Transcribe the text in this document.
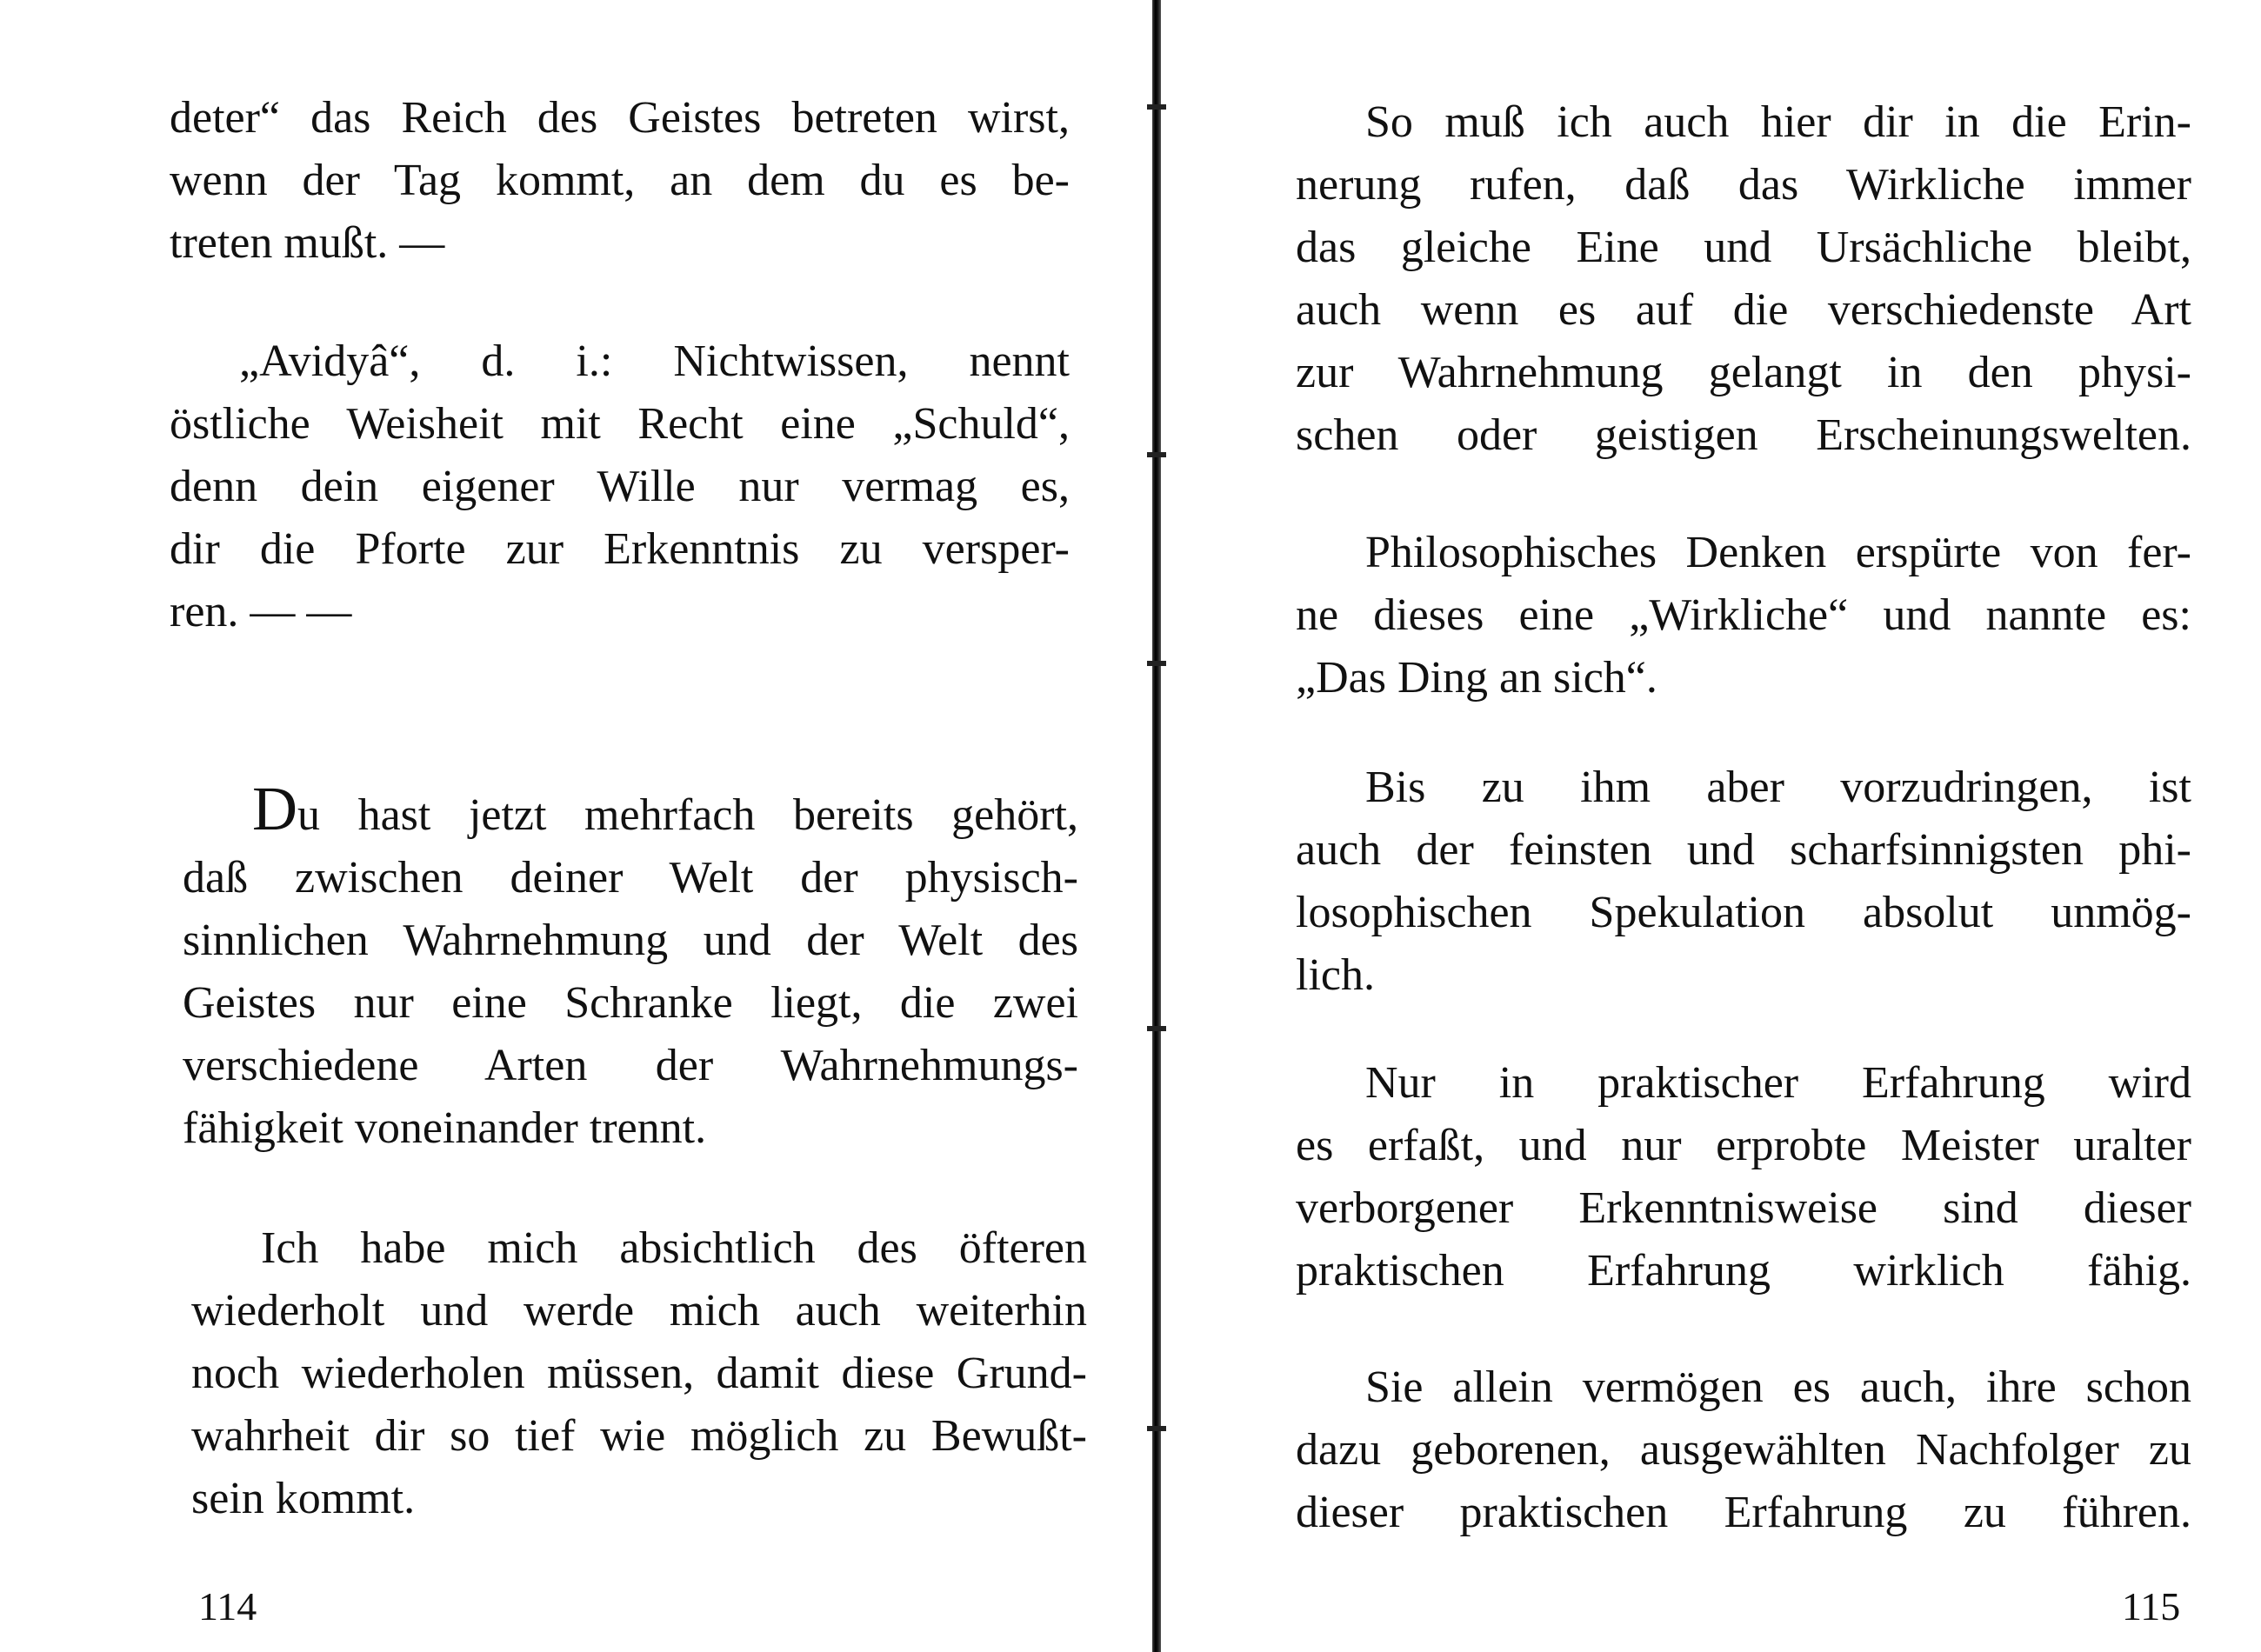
deter“ das Reich des Geistes betreten wirst,
wenn der Tag kommt, an dem du es be-
treten mußt. —

„Avidyâ“, d. i.: Nichtwissen, nennt
östliche Weisheit mit Recht eine „Schuld“,
denn dein eigener Wille nur vermag es,
dir die Pforte zur Erkenntnis zu versper-
ren. — —

Du hast jetzt mehrfach bereits gehört,
daß zwischen deiner Welt der physisch-
sinnlichen Wahrnehmung und der Welt des
Geistes nur eine Schranke liegt, die zwei
verschiedene Arten der Wahrnehmungs-
fähigkeit voneinander trennt.

Ich habe mich absichtlich des öfteren
wiederholt und werde mich auch weiterhin
noch wiederholen müssen, damit diese Grund-
wahrheit dir so tief wie möglich zu Bewußt-
sein kommt.

114

So muß ich auch hier dir in die Erin-
nerung rufen, daß das Wirkliche immer
das gleiche Eine und Ursächliche bleibt,
auch wenn es auf die verschiedenste Art
zur Wahrnehmung gelangt in den physi-
schen oder geistigen Erscheinungswelten.

Philosophisches Denken erspürte von fer-
ne dieses eine „Wirkliche“ und nannte es:
„Das Ding an sich“.

Bis zu ihm aber vorzudringen, ist
auch der feinsten und scharfsinnigsten phi-
losophischen Spekulation absolut unmög-
lich.

Nur in praktischer Erfahrung wird
es erfaßt, und nur erprobte Meister uralter
verborgener Erkenntnisweise sind dieser
praktischen Erfahrung wirklich fähig.

Sie allein vermögen es auch, ihre schon
dazu geborenen, ausgewählten Nachfolger zu
dieser praktischen Erfahrung zu führen.

115
